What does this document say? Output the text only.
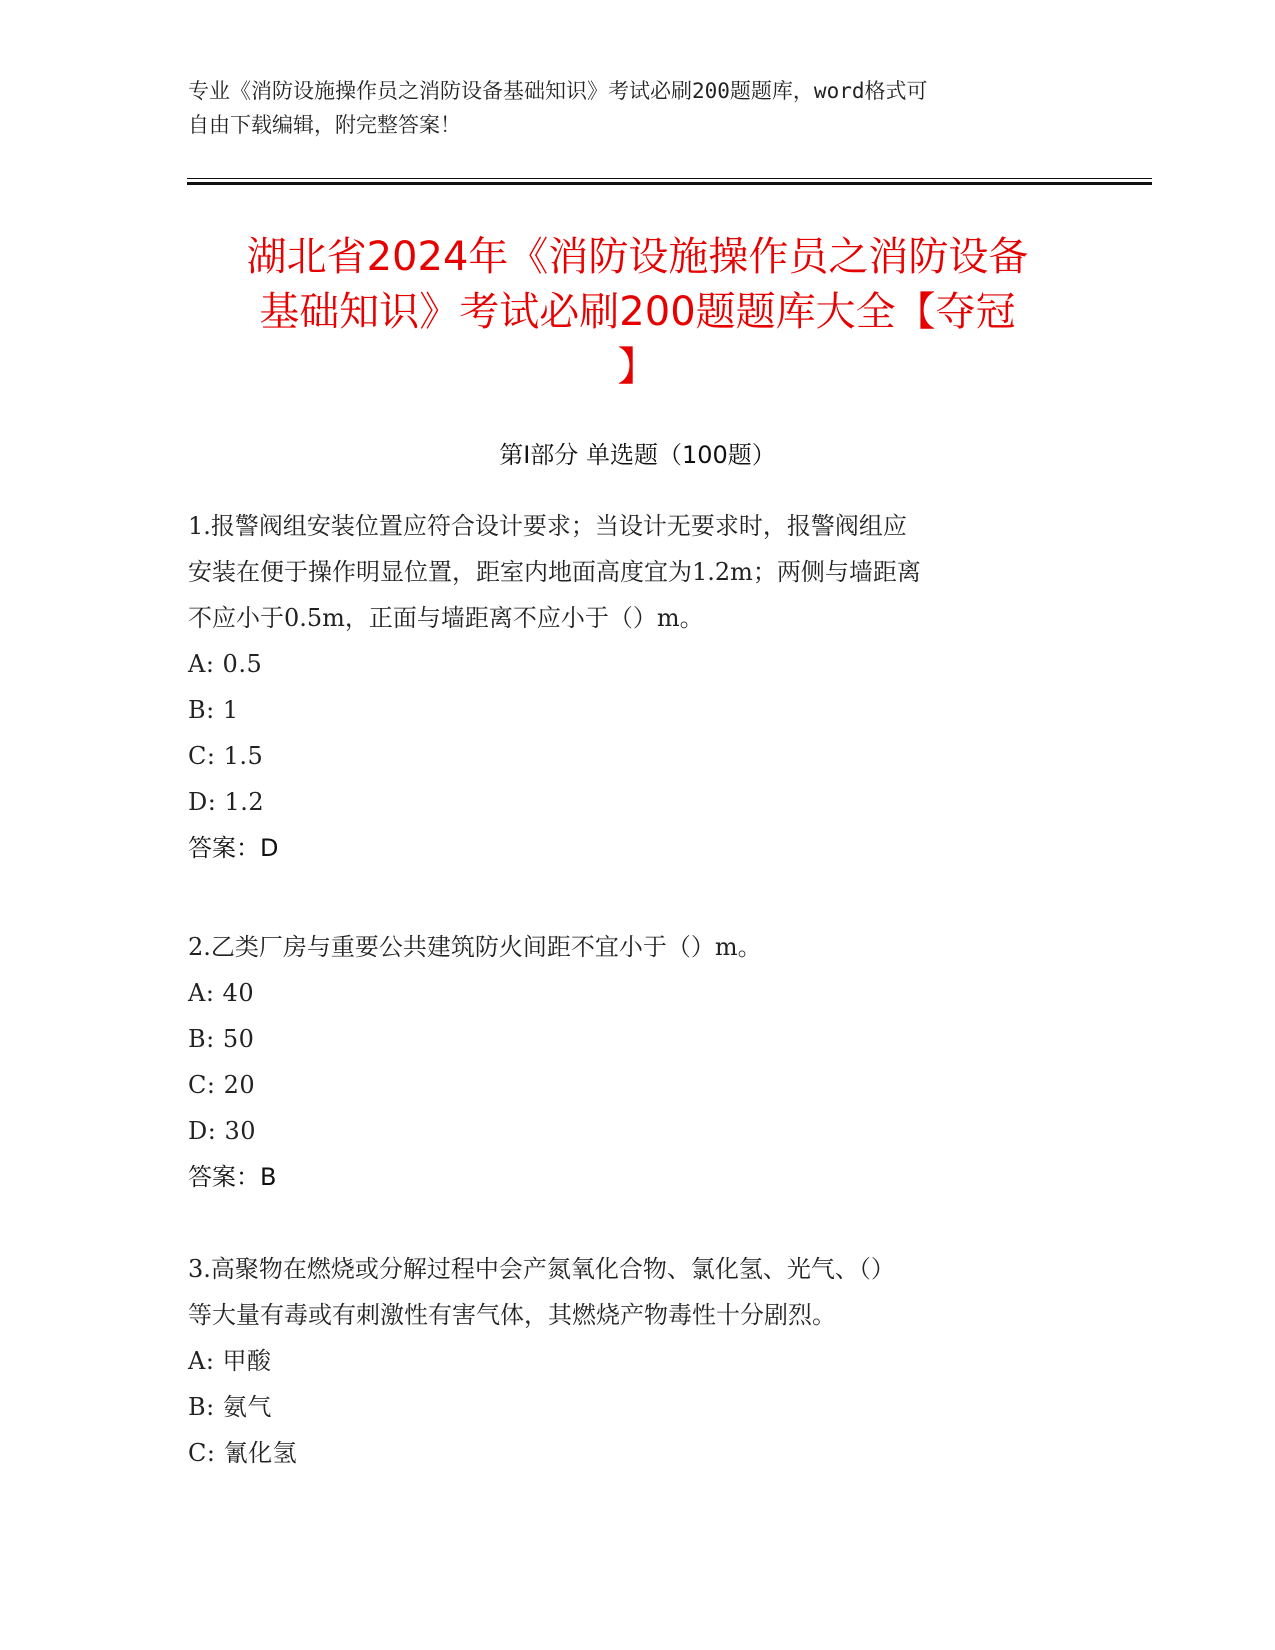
专业《消防设施操作员之消防设备基础知识》考试必刷200题题库，word格式可
自由下载编辑，附完整答案！
湖北省2024年《消防设施操作员之消防设备
基础知识》考试必刷200题题库大全【夺冠
】
第I部分 单选题（100题）
1.报警阀组安装位置应符合设计要求；当设计无要求时，报警阀组应
安装在便于操作明显位置，距室内地面高度宜为1.2m；两侧与墙距离
不应小于0.5m，正面与墙距离不应小于（）m。
A: 0.5
B: 1
C: 1.5
D: 1.2
答案：D
2.乙类厂房与重要公共建筑防火间距不宜小于（）m。
A: 40
B: 50
C: 20
D: 30
答案：B
3.高聚物在燃烧或分解过程中会产氮氧化合物、氯化氢、光气、（）
等大量有毒或有刺激性有害气体，其燃烧产物毒性十分剧烈。
A: 甲酸
B: 氨气
C: 氰化氢
